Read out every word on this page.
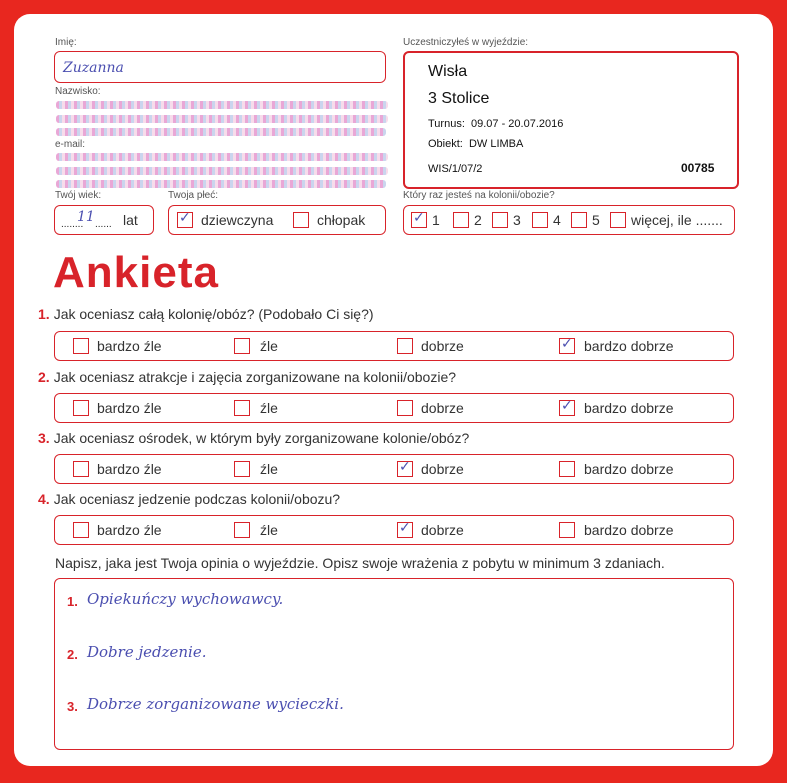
Imię:
Zuzanna
Nazwisko:
e-mail:
Twój wiek:
........
11 ...... lat
Twoja płeć:
✓
dziewczyna	chłopak
Uczestniczyłeś w wyjeździe:
Wisła
3 Stolice
Turnus:  09.07 - 20.07.2016
Obiekt:  DW LIMBA
WIS/1/07/2	00785
Który raz jesteś na kolonii/obozie?
✓
1 2 3 4 5 więcej, ile .......
Ankieta
1. Jak oceniasz całą kolonię/obóz? (Podobało Ci się?)
bardzo źle	źle	dobrze ✓	bardzo dobrze
2. Jak oceniasz atrakcje i zajęcia zorganizowane na kolonii/obozie?
bardzo źle	źle	dobrze ✓	bardzo dobrze
3. Jak oceniasz ośrodek, w którym były zorganizowane kolonie/obóz?
bardzo źle	źle ✓	dobrze	bardzo dobrze
4. Jak oceniasz jedzenie podczas kolonii/obozu?
bardzo źle	źle ✓	dobrze	bardzo dobrze
Napisz, jaka jest Twoja opinia o wyjeździe. Opisz swoje wrażenia z pobytu w minimum 3 zdaniach.
1. Opiekuńczy wychowawcy.
2. Dobre jedzenie.
3. Dobrze zorganizowane wycieczki.
